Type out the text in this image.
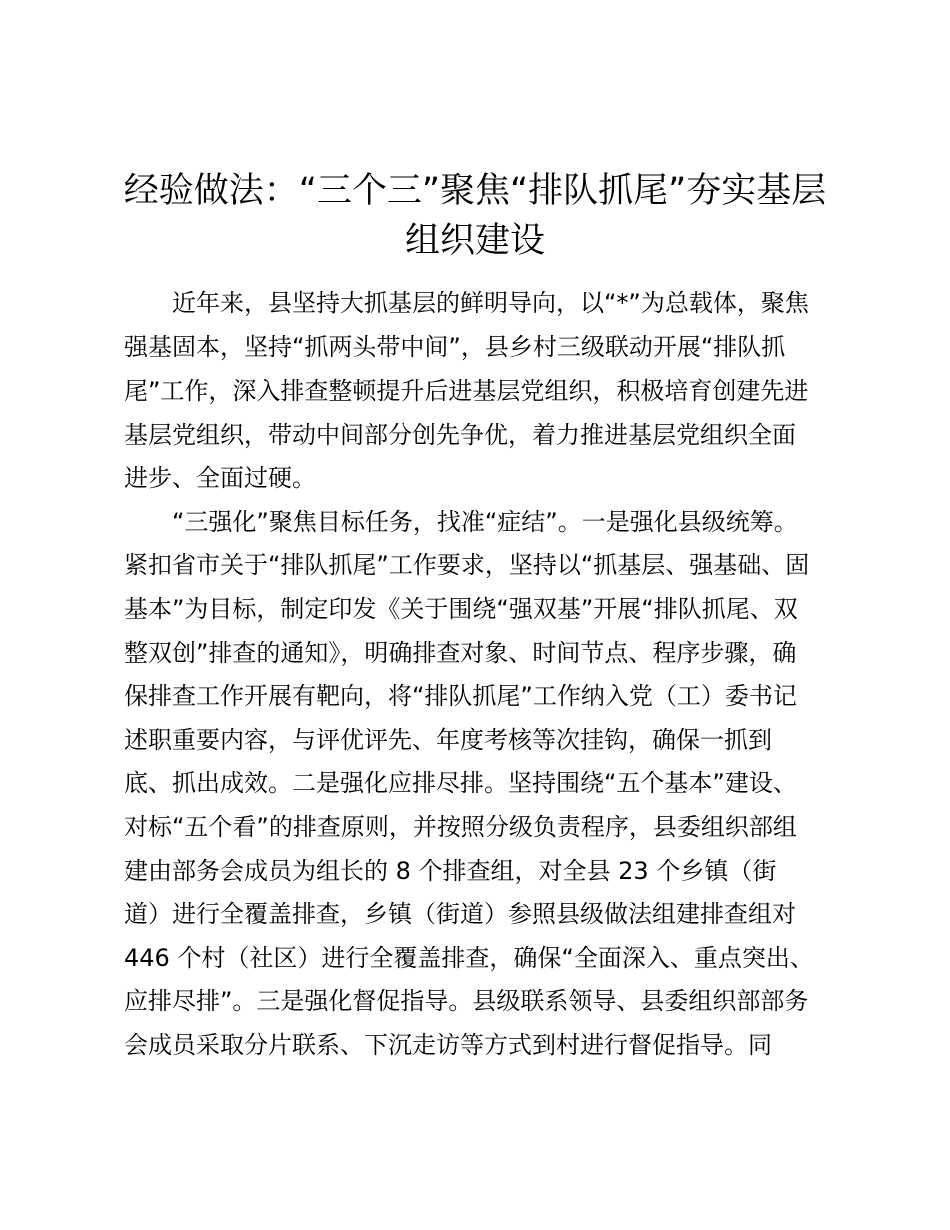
经验做法：“三个三”聚焦“排队抓尾”夯实基层
组织建设

　　近年来，县坚持大抓基层的鲜明导向，以“*”为总载体，聚焦

强基固本，坚持“抓两头带中间”，县乡村三级联动开展“排队抓

尾”工作，深入排查整顿提升后进基层党组织，积极培育创建先进

基层党组织，带动中间部分创先争优，着力推进基层党组织全面

进步、全面过硬。

　　“三强化”聚焦目标任务，找准“症结”。一是强化县级统筹。

紧扣省市关于“排队抓尾”工作要求，坚持以“抓基层、强基础、固

基本”为目标，制定印发《关于围绕“强双基”开展“排队抓尾、双

整双创”排查的通知》，明确排查对象、时间节点、程序步骤，确

保排查工作开展有靶向，将“排队抓尾”工作纳入党（工）委书记

述职重要内容，与评优评先、年度考核等次挂钩，确保一抓到

底、抓出成效。二是强化应排尽排。坚持围绕“五个基本”建设、

对标“五个看”的排查原则，并按照分级负责程序，县委组织部组

建由部务会成员为组长的 8 个排查组，对全县 23 个乡镇（街

道）进行全覆盖排查，乡镇（街道）参照县级做法组建排查组对

446 个村（社区）进行全覆盖排查，确保“全面深入、重点突出、

应排尽排”。三是强化督促指导。县级联系领导、县委组织部部务

会成员采取分片联系、下沉走访等方式到村进行督促指导。同
